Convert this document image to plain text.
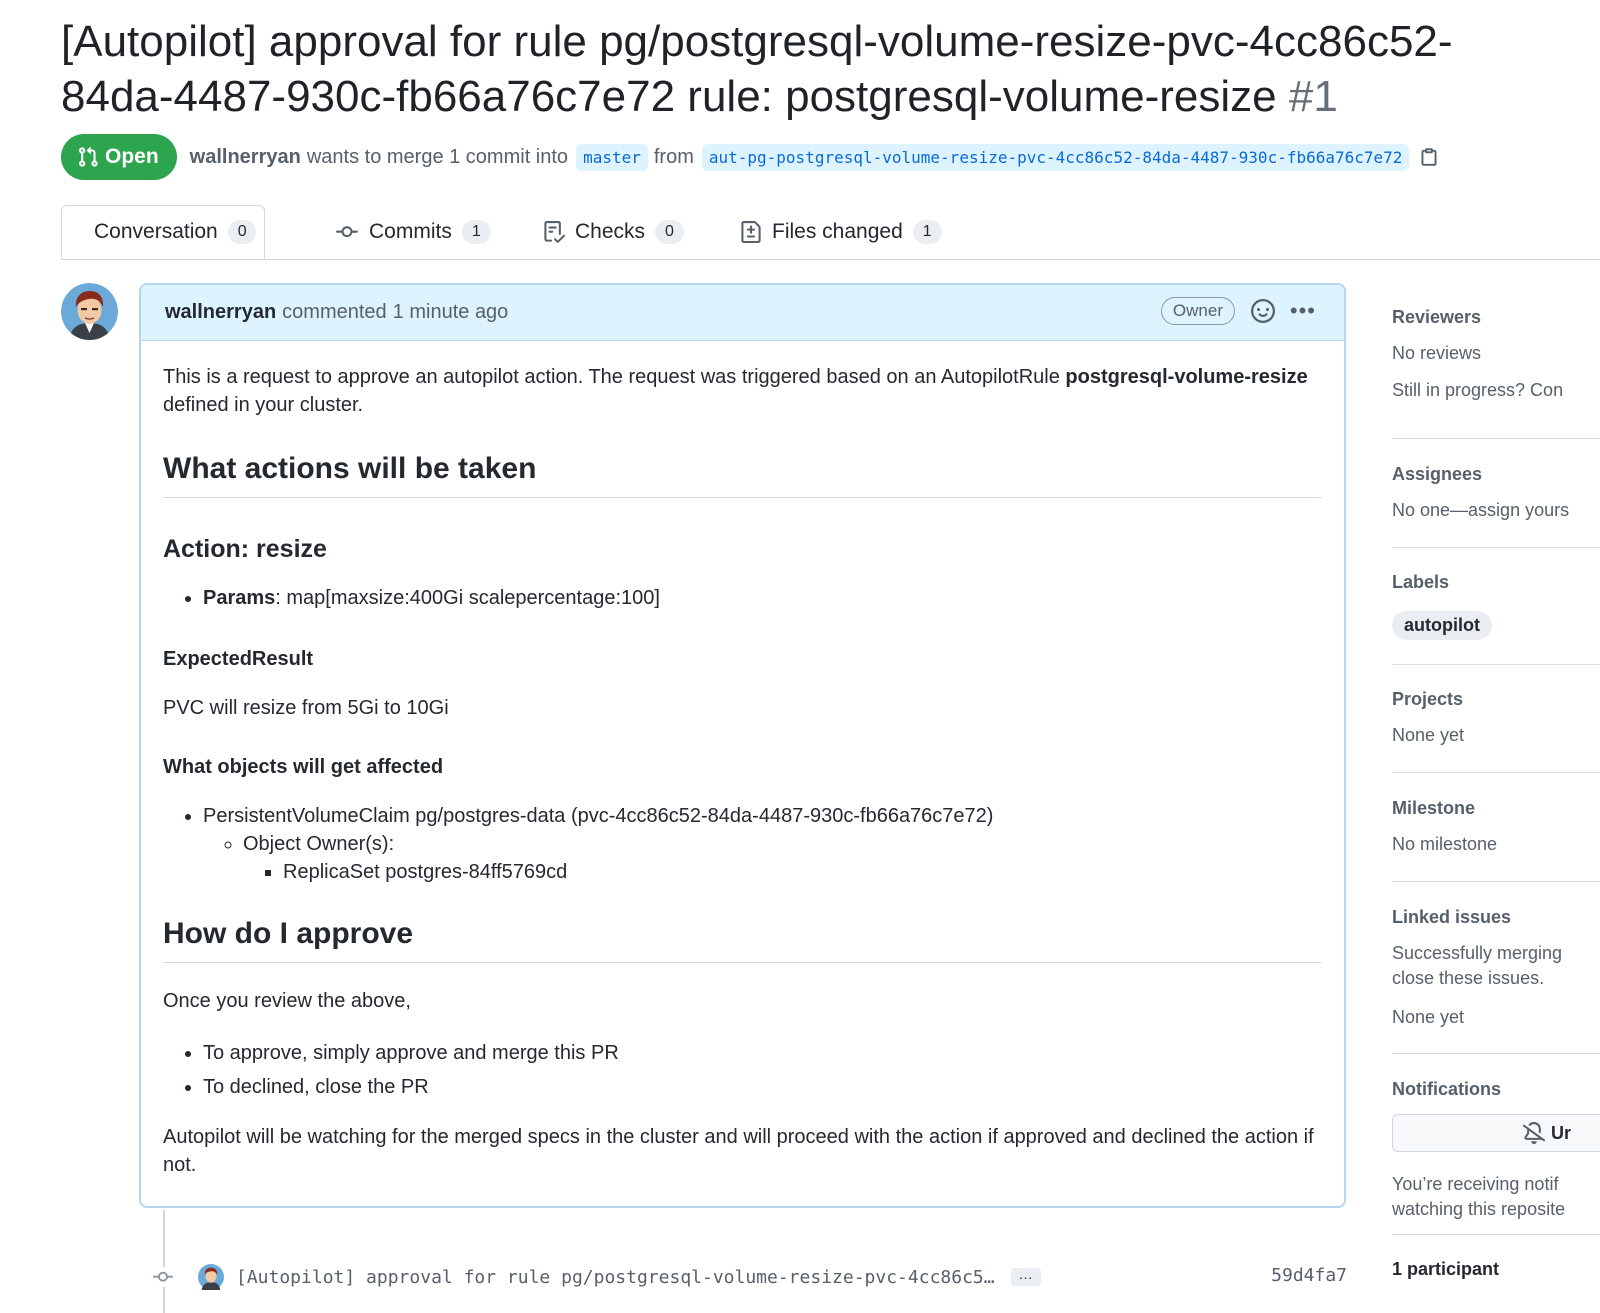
[Autopilot] approval for rule pg/postgresql-volume-resize-pvc-4cc86c52-84da-4487-930c-fb66a76c7e72 rule: postgresql-volume-resize #1
Open wallnerryan wants to merge 1 commit into master from aut-pg-postgresql-volume-resize-pvc-4cc86c52-84da-4487-930c-fb66a76c7e72
Conversation	0	Commits	1	Checks	0	Files changed	1
wallnerryan commented 1 minute ago	Owner	•••

This is a request to approve an autopilot action. The request was triggered based on an AutopilotRule postgresql-volume-resize defined in your cluster.

What actions will be taken
Action: resize
• Params: map[maxsize:400Gi scalepercentage:100]
ExpectedResult

PVC will resize from 5Gi to 10Gi

What objects will get affected
• PersistentVolumeClaim pg/postgres-data (pvc-4cc86c52-84da-4487-930c-fb66a76c7e72)
◦ Object Owner(s):
▪ ReplicaSet postgres-84ff5769cd
How do I approve

Once you review the above,

• To approve, simply approve and merge this PR
• To declined, close the PR

Autopilot will be watching for the merged specs in the cluster and will proceed with the action if approved and declined the action if not.

Reviewers
No reviews
Still in progress? Con
Assignees
No one—assign yours
Labels
autopilot
Projects
None yet
Milestone
No milestone
Linked issues
Successfully merging
close these issues.
None yet
Notifications
Ur
You’re receiving notif
watching this reposite
1 participant
[Autopilot] approval for rule pg/postgresql-volume-resize-pvc-4cc86c5…	···	59d4fa7
